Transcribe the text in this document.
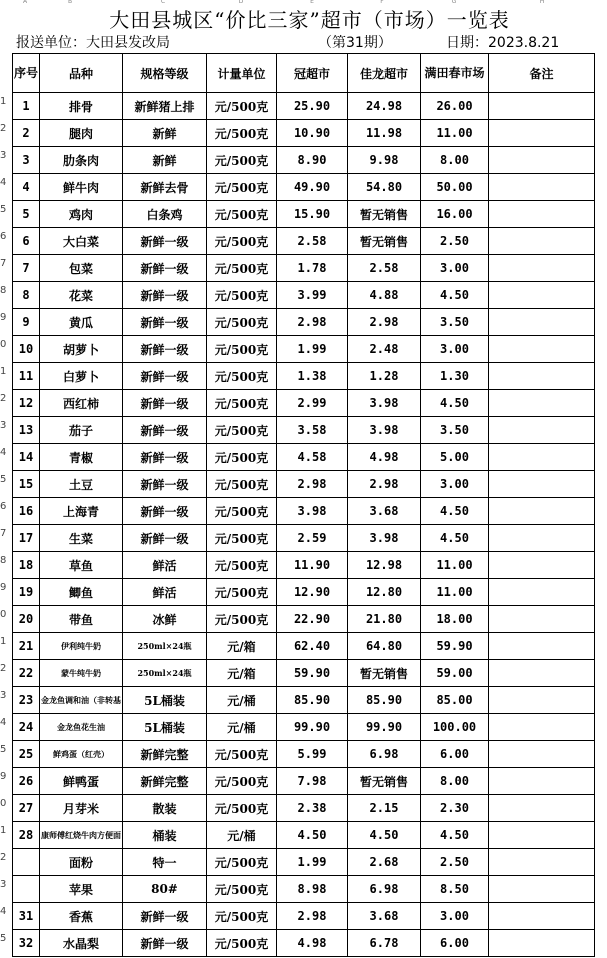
A	B	C	D	E	F	G	H
大田县城区“价比三家”超市（市场）一览表
报送单位：大田县发改局	（第31期）	日期：2023.8.21
序号	品种	规格等级	计量单位	冠超市	佳龙超市	满田春市场	备注
1	排骨	新鲜猪上排	元/500克	25.90	24.98	26.00	
2	腿肉	新鲜	元/500克	10.90	11.98	11.00	
3	肋条肉	新鲜	元/500克	8.90	9.98	8.00	
4	鲜牛肉	新鲜去骨	元/500克	49.90	54.80	50.00	
5	鸡肉	白条鸡	元/500克	15.90	暂无销售	16.00	
6	大白菜	新鲜一级	元/500克	2.58	暂无销售	2.50	
7	包菜	新鲜一级	元/500克	1.78	2.58	3.00	
8	花菜	新鲜一级	元/500克	3.99	4.88	4.50	
9	黄瓜	新鲜一级	元/500克	2.98	2.98	3.50	
10	胡萝卜	新鲜一级	元/500克	1.99	2.48	3.00	
11	白萝卜	新鲜一级	元/500克	1.38	1.28	1.30	
12	西红柿	新鲜一级	元/500克	2.99	3.98	4.50	
13	茄子	新鲜一级	元/500克	3.58	3.98	3.50	
14	青椒	新鲜一级	元/500克	4.58	4.98	5.00	
15	土豆	新鲜一级	元/500克	2.98	2.98	3.00	
16	上海青	新鲜一级	元/500克	3.98	3.68	4.50	
17	生菜	新鲜一级	元/500克	2.59	3.98	4.50	
18	草鱼	鲜活	元/500克	11.90	12.98	11.00	
19	鲫鱼	鲜活	元/500克	12.90	12.80	11.00	
20	带鱼	冰鲜	元/500克	22.90	21.80	18.00	
21	伊利纯牛奶	250ml×24瓶	元/箱	62.40	64.80	59.90	
22	蒙牛纯牛奶	250ml×24瓶	元/箱	59.90	暂无销售	59.00	
23	金龙鱼调和油（非转基	5L桶装	元/桶	85.90	85.90	85.00	
24	金龙鱼花生油	5L桶装	元/桶	99.90	99.90	100.00	
25	鲜鸡蛋（红壳）	新鲜完整	元/500克	5.99	6.98	6.00	
26	鲜鸭蛋	新鲜完整	元/500克	7.98	暂无销售	8.00	
27	月芽米	散装	元/500克	2.38	2.15	2.30	
28	康师傅红烧牛肉方便面	桶装	元/桶	4.50	4.50	4.50	
	面粉	特一	元/500克	1.99	2.68	2.50	
	苹果	80#	元/500克	8.98	6.98	8.50	
31	香蕉	新鲜一级	元/500克	2.98	3.68	3.00	
32	水晶梨	新鲜一级	元/500克	4.98	6.78	6.00	
1
2
3
4
5
6
7
8
9
0
1
2
3
4
5
6
7
8
9
0
1
2
3
4
5
9
0
1
2
3
4
5
